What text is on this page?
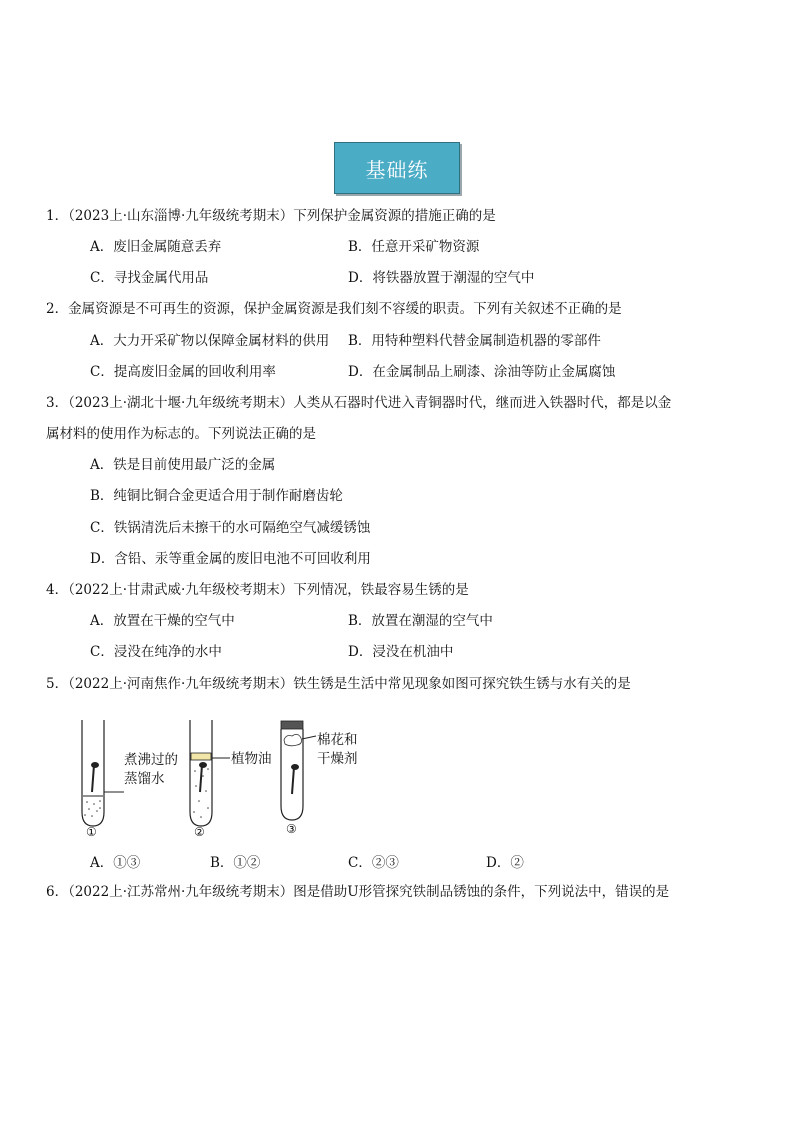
基础练
1．（2023上·山东淄博·九年级统考期末）下列保护金属资源的措施正确的是
A．废旧金属随意丢弃	B．任意开采矿物资源
C．寻找金属代用品	D．将铁器放置于潮湿的空气中
2．金属资源是不可再生的资源，保护金属资源是我们刻不容缓的职责。下列有关叙述不正确的是
A．大力开采矿物以保障金属材料的供用 B．用特种塑料代替金属制造机器的零部件
C．提高废旧金属的回收利用率	D．在金属制品上刷漆、涂油等防止金属腐蚀
3．（2023上·湖北十堰·九年级统考期末）人类从石器时代进入青铜器时代，继而进入铁器时代，都是以金
属材料的使用作为标志的。下列说法正确的是
A．铁是目前使用最广泛的金属
B．纯铜比铜合金更适合用于制作耐磨齿轮
C．铁锅清洗后未擦干的水可隔绝空气减缓锈蚀
D．含铅、汞等重金属的废旧电池不可回收利用
4．（2022上·甘肃武威·九年级校考期末）下列情况，铁最容易生锈的是
A．放置在干燥的空气中	B．放置在潮湿的空气中
C．浸没在纯净的水中	D．浸没在机油中
5．（2022上·河南焦作·九年级统考期末）铁生锈是生活中常见现象如图可探究铁生锈与水有关的是
煮沸过的
蒸馏水
①
植物油
②
棉花和
干燥剂
③
A．①③	B．①②	C．②③	D．②
6．（2022上·江苏常州·九年级统考期末）图是借助U形管探究铁制品锈蚀的条件，下列说法中，错误的是
